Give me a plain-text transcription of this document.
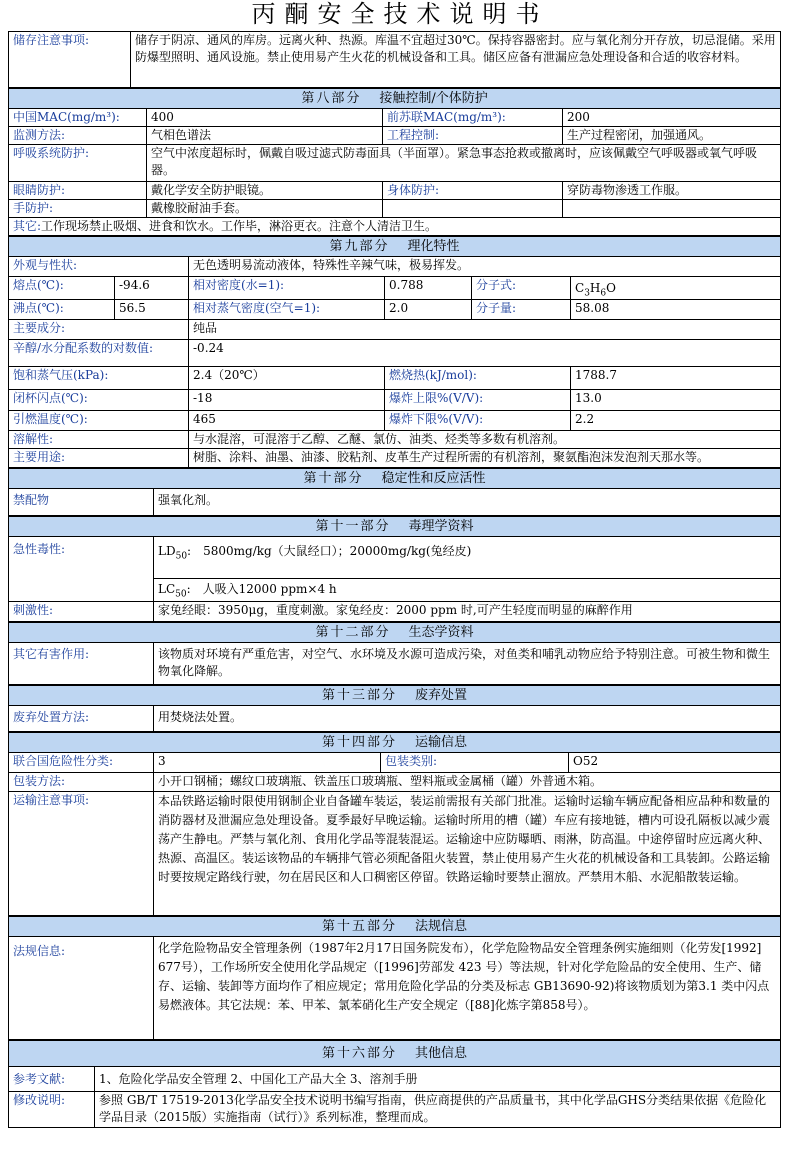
丙酮安全技术说明书
储存注意事项:	储存于阴凉、通风的库房。远离火种、热源。库温不宜超过30℃。保持容器密封。应与氧化剂分开存放，切忌混储。采用防爆型照明、通风设施。禁止使用易产生火花的机械设备和工具。储区应备有泄漏应急处理设备和合适的收容材料。
第八部分 接触控制/个体防护			
中国MAC(mg/m³):	400	前苏联MAC(mg/m³):	200
监测方法:	气相色谱法	工程控制:	生产过程密闭，加强通风。
呼吸系统防护:	空气中浓度超标时，佩戴自吸过滤式防毒面具（半面罩）。紧急事态抢救或撤离时，应该佩戴空气呼吸器或氧气呼吸器。		
眼睛防护:	戴化学安全防护眼镜。	身体防护:	穿防毒物渗透工作服。
手防护:	戴橡胶耐油手套。		
其它:工作现场禁止吸烟、进食和饮水。工作毕，淋浴更衣。注意个人清洁卫生。			
第九部分 理化特性					
外观与性状:		无色透明易流动液体，特殊性辛辣气味，极易挥发。			
熔点(℃):	-94.6	相对密度(水=1):	0.788	分子式:	$C_3H_6O$
沸点(℃):	56.5	相对蒸气密度(空气=1):	2.0	分子量:	58.08
主要成分:		纯品			
辛醇/水分配系数的对数值:		-0.24			
饱和蒸气压(kPa):		2.4（20℃）	燃烧热(kJ/mol):		1788.7
闭杯闪点(℃):		-18	爆炸上限%(V/V):		13.0
引燃温度(℃):		465	爆炸下限%(V/V):		2.2
溶解性:		与水混溶，可混溶于乙醇、乙醚、氯仿、油类、烃类等多数有机溶剂。			
主要用途:		树脂、涂料、油墨、油漆、胶粘剂、皮革生产过程所需的有机溶剂，聚氨酯泡沫发泡剂天那水等。			
第十部分 稳定性和反应活性
禁配物	强氧化剂。
第十一部分 毒理学资料	
急性毒性:	$LD_{50}$:　5800mg/kg（大鼠经口）；20000mg/kg(兔经皮)
	$LC_{50}$:　人吸入12000 ppm×4 h
刺激性:	家兔经眼：3950μg，重度刺激。家兔经皮：2000 ppm 时,可产生轻度而明显的麻醉作用
第十二部分 生态学资料
其它有害作用:	该物质对环境有严重危害，对空气、水环境及水源可造成污染，对鱼类和哺乳动物应给予特别注意。可被生物和微生物氧化降解。
第十三部分 废弃处置
废弃处置方法:	用焚烧法处置。
第十四部分 运输信息			
联合国危险性分类:	3	包装类别:	O52
包装方法:	小开口钢桶；螺纹口玻璃瓶、铁盖压口玻璃瓶、塑料瓶或金属桶（罐）外普通木箱。		
运输注意事项:	本品铁路运输时限使用钢制企业自备罐车装运，装运前需报有关部门批准。运输时运输车辆应配备相应品种和数量的消防器材及泄漏应急处理设备。夏季最好早晚运输。运输时所用的槽（罐）车应有接地链，槽内可设孔隔板以减少震荡产生静电。严禁与氧化剂、食用化学品等混装混运。运输途中应防曝晒、雨淋，防高温。中途停留时应远离火种、热源、高温区。装运该物品的车辆排气管必须配备阻火装置，禁止使用易产生火花的机械设备和工具装卸。公路运输时要按规定路线行驶，勿在居民区和人口稠密区停留。铁路运输时要禁止溜放。严禁用木船、水泥船散装运输。		
第十五部分 法规信息
法规信息:	化学危险物品安全管理条例（1987年2月17日国务院发布），化学危险物品安全管理条例实施细则（化劳发[1992] 677号），工作场所安全使用化学品规定（[1996]劳部发 423 号）等法规，针对化学危险品的安全使用、生产、储存、运输、装卸等方面均作了相应规定；常用危险化学品的分类及标志 GB13690-92)将该物质划为第3.1 类中闪点易燃液体。其它法规：苯、甲苯、氯苯硝化生产安全规定（[88]化炼字第858号）。
第十六部分 其他信息	
参考文献:	1、危险化学品安全管理 2、中国化工产品大全 3、溶剂手册
修改说明:	参照 GB/T 17519-2013化学品安全技术说明书编写指南，供应商提供的产品质量书，其中化学品GHS分类结果依据《危险化学品目录（2015版）实施指南（试行）》系列标准，整理而成。
